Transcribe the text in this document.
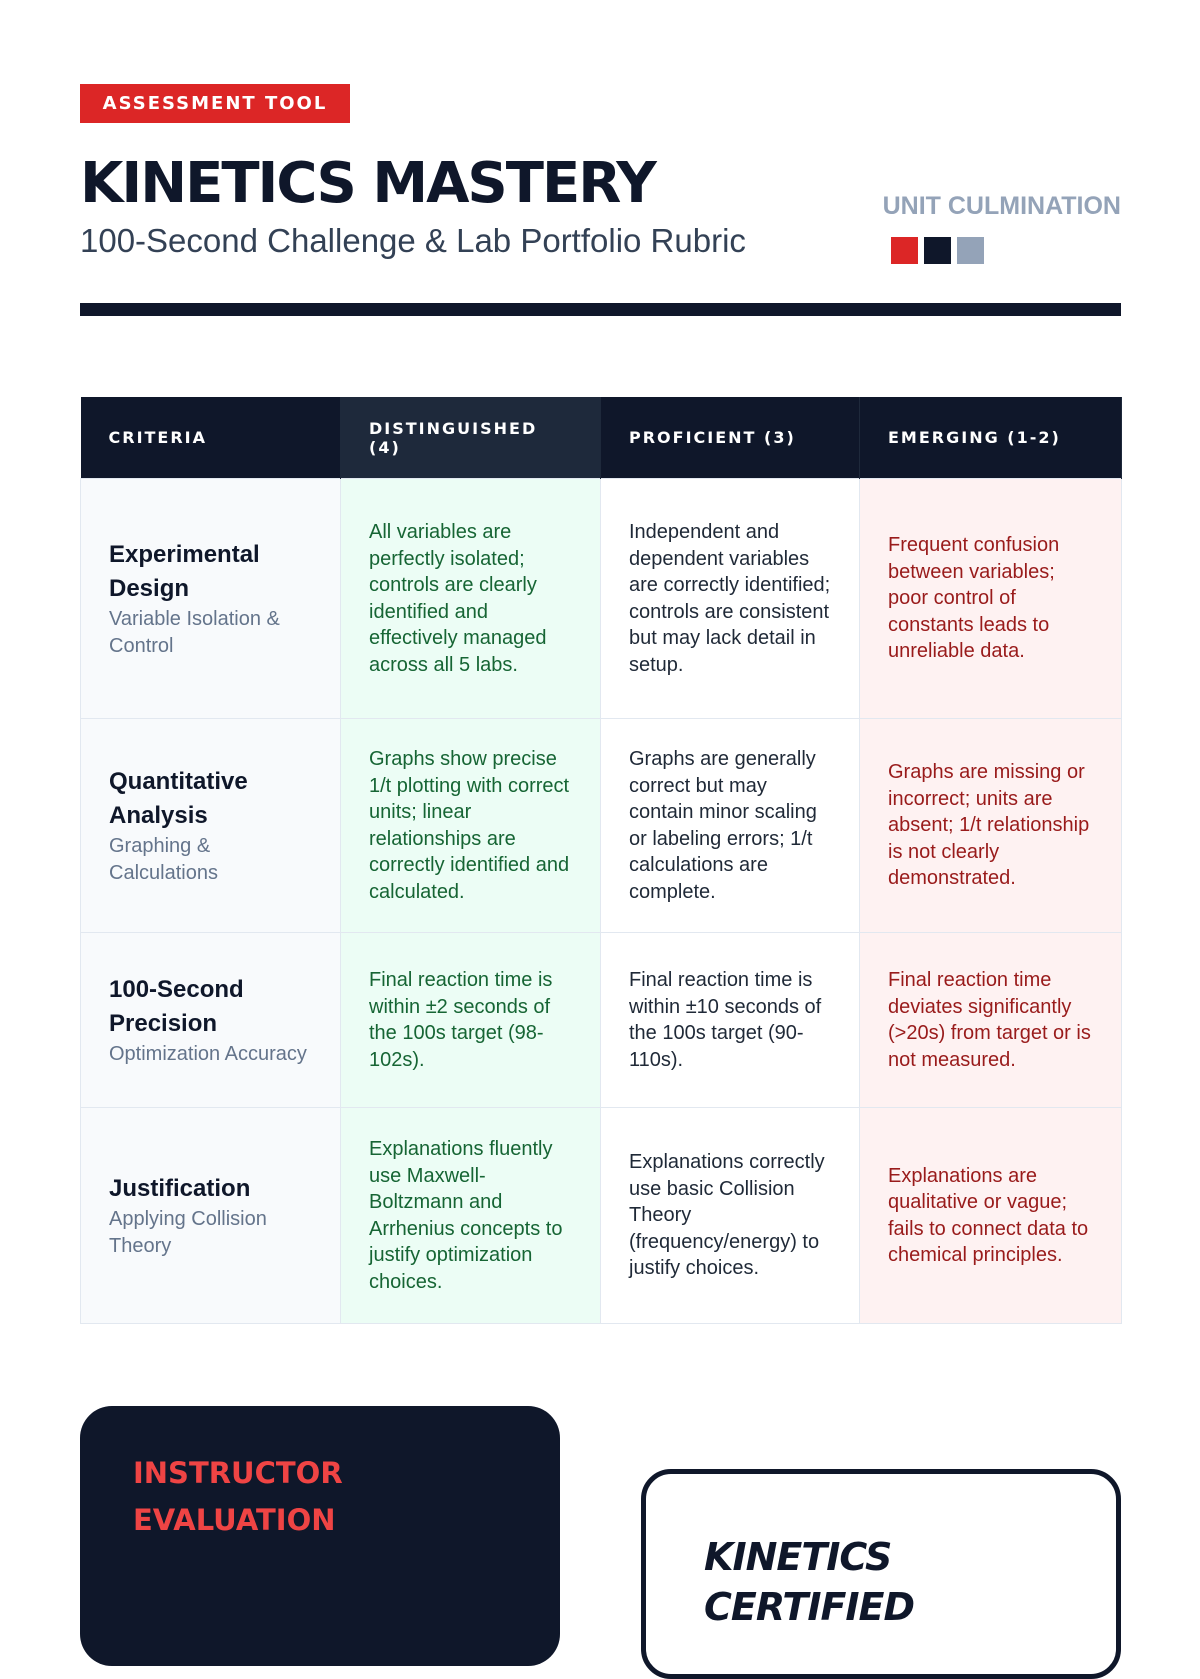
ASSESSMENT TOOL
KINETICS MASTERY
100-Second Challenge & Lab Portfolio Rubric
UNIT CULMINATION
CRITERIA	DISTINGUISHED (4)	PROFICIENT (3)	EMERGING (1-2)

Experimental Design
Variable Isolation & Control	All variables are perfectly isolated; controls are clearly identified and effectively managed across all 5 labs.	Independent and dependent variables are correctly identified; controls are consistent but may lack detail in setup.	Frequent confusion between variables; poor control of constants leads to unreliable data.

Quantitative Analysis
Graphing & Calculations	Graphs show precise 1/t plotting with correct units; linear relationships are correctly identified and calculated.	Graphs are generally correct but may contain minor scaling or labeling errors; 1/t calculations are complete.	Graphs are missing or incorrect; units are absent; 1/t relationship is not clearly demonstrated.

100-Second Precision
Optimization Accuracy	Final reaction time is within ±2 seconds of the 100s target (98-102s).	Final reaction time is within ±10 seconds of the 100s target (90-110s).	Final reaction time deviates significantly (>20s) from target or is not measured.

Justification
Applying Collision Theory	Explanations fluently use Maxwell-Boltzmann and Arrhenius concepts to justify optimization choices.	Explanations correctly use basic Collision Theory (frequency/energy) to justify choices.	Explanations are qualitative or vague; fails to connect data to chemical principles.
INSTRUCTOR EVALUATION
KINETICS CERTIFIED
